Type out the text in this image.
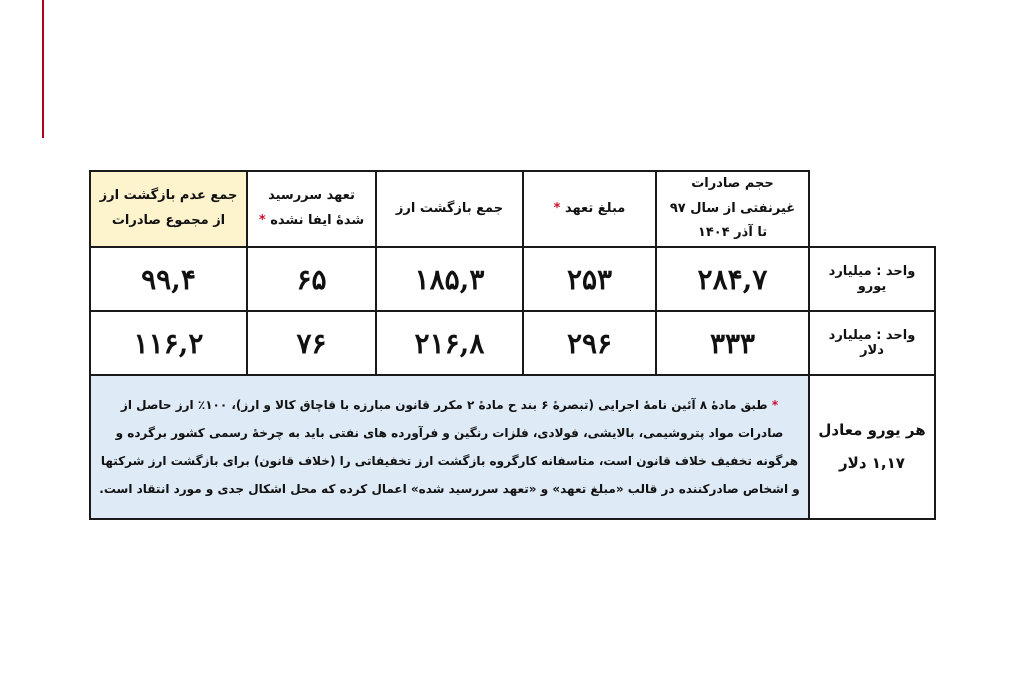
	حجم صادرات غیرنفتی از سال ۹۷ تا آذر ۱۴۰۴	مبلغ تعهد *	جمع بازگشت ارز	تعهد سررسید شدهٔ ایفا نشده *	جمع عدم بازگشت ارز از مجموع صادرات
واحد : میلیارد یورو	۲۸۴,۷	۲۵۳	۱۸۵,۳	۶۵	۹۹,۴
واحد : میلیارد دلار	۳۳۳	۲۹۶	۲۱۶,۸	۷۶	۱۱۶,۲
هر یورو معادل ۱,۱۷ دلار	* طبق مادهٔ ۸ آئین نامهٔ اجرایی (تبصرهٔ ۶ بند ح مادهٔ ۲ مکرر قانون مبارزه با قاچاق کالا و ارز)، ۱۰۰٪ ارز حاصل از صادرات مواد پتروشیمی، بالایشی، فولادی، فلزات رنگین و فرآورده های نفتی باید به چرخهٔ رسمی کشور برگرده و هرگونه تخفیف خلاف قانون است، متاسفانه کارگروه بازگشت ارز تخفیفاتی را (خلاف قانون) برای بازگشت ارز شرکتها و اشخاص صادرکننده در قالب «مبلغ تعهد» و «تعهد سررسید شده» اعمال کرده که محل اشکال جدی و مورد انتقاد است.				
